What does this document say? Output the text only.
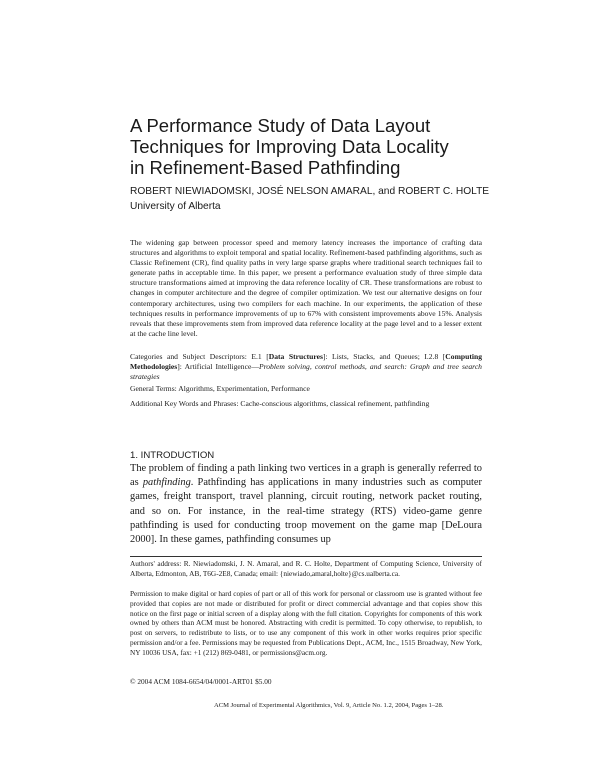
A Performance Study of Data Layout
Techniques for Improving Data Locality
in Refinement-Based Pathfinding
ROBERT NIEWIADOMSKI, JOSÉ NELSON AMARAL, and ROBERT C. HOLTE
University of Alberta

The widening gap between processor speed and memory latency increases the importance of crafting data structures and algorithms to exploit temporal and spatial locality. Refinement-based pathfinding algorithms, such as Classic Refinement (CR), find quality paths in very large sparse graphs where traditional search techniques fail to generate paths in acceptable time. In this paper, we present a performance evaluation study of three simple data structure transformations aimed at improving the data reference locality of CR. These transformations are robust to changes in computer architecture and the degree of compiler optimization. We test our alternative designs on four contemporary architectures, using two compilers for each machine. In our experiments, the application of these techniques results in performance improvements of up to 67% with consistent improvements above 15%. Analysis reveals that these improvements stem from improved data reference locality at the page level and to a lesser extent at the cache line level.

Categories and Subject Descriptors: E.1 [Data Structures]: Lists, Stacks, and Queues; I.2.8 [Computing Methodologies]: Artificial Intelligence—Problem solving, control methods, and search: Graph and tree search strategies

General Terms: Algorithms, Experimentation, Performance

Additional Key Words and Phrases: Cache-conscious algorithms, classical refinement, pathfinding

1. INTRODUCTION

The problem of finding a path linking two vertices in a graph is generally referred to as pathfinding. Pathfinding has applications in many industries such as computer games, freight transport, travel planning, circuit routing, network packet routing, and so on. For instance, in the real-time strategy (RTS) video-game genre pathfinding is used for conducting troop movement on the game map [DeLoura 2000]. In these games, pathfinding consumes up

Authors' address: R. Niewiadomski, J. N. Amaral, and R. C. Holte, Department of Computing Science, University of Alberta, Edmonton, AB, T6G-2E8, Canada; email: {niewiado,amaral,holte}@cs.ualberta.ca.

Permission to make digital or hard copies of part or all of this work for personal or classroom use is granted without fee provided that copies are not made or distributed for profit or direct commercial advantage and that copies show this notice on the first page or initial screen of a display along with the full citation. Copyrights for components of this work owned by others than ACM must be honored. Abstracting with credit is permitted. To copy otherwise, to republish, to post on servers, to redistribute to lists, or to use any component of this work in other works requires prior specific permission and/or a fee. Permissions may be requested from Publications Dept., ACM, Inc., 1515 Broadway, New York, NY 10036 USA, fax: +1 (212) 869-0481, or permissions@acm.org.

© 2004 ACM 1084-6654/04/0001-ART01 $5.00

ACM Journal of Experimental Algorithmics, Vol. 9, Article No. 1.2, 2004, Pages 1–28.
